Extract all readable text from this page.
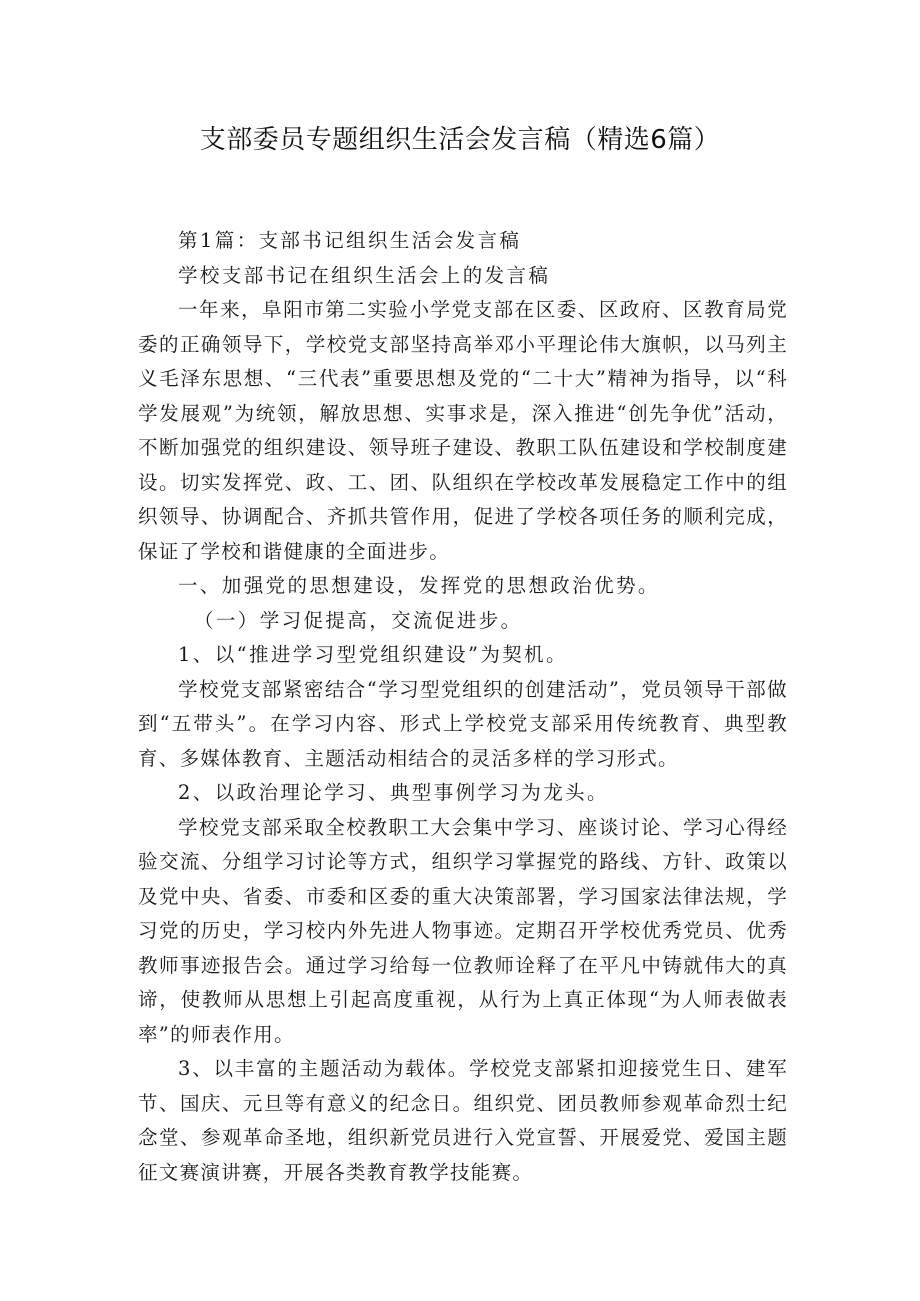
支部委员专题组织生活会发言稿（精选6篇）

第1篇：支部书记组织生活会发言稿

学校支部书记在组织生活会上的发言稿

一年来，阜阳市第二实验小学党支部在区委、区政府、区教育局党委的正确领导下，学校党支部坚持高举邓小平理论伟大旗帜，以马列主义毛泽东思想、“三代表”重要思想及党的“二十大”精神为指导，以“科学发展观”为统领，解放思想、实事求是，深入推进“创先争优”活动，不断加强党的组织建设、领导班子建设、教职工队伍建设和学校制度建设。切实发挥党、政、工、团、队组织在学校改革发展稳定工作中的组织领导、协调配合、齐抓共管作用，促进了学校各项任务的顺利完成，保证了学校和谐健康的全面进步。

一、加强党的思想建设，发挥党的思想政治优势。

（一）学习促提高，交流促进步。

1、以“推进学习型党组织建设”为契机。

学校党支部紧密结合“学习型党组织的创建活动”，党员领导干部做到“五带头”。在学习内容、形式上学校党支部采用传统教育、典型教育、多媒体教育、主题活动相结合的灵活多样的学习形式。

2、以政治理论学习、典型事例学习为龙头。

学校党支部采取全校教职工大会集中学习、座谈讨论、学习心得经验交流、分组学习讨论等方式，组织学习掌握党的路线、方针、政策以及党中央、省委、市委和区委的重大决策部署，学习国家法律法规，学习党的历史，学习校内外先进人物事迹。定期召开学校优秀党员、优秀教师事迹报告会。通过学习给每一位教师诠释了在平凡中铸就伟大的真谛，使教师从思想上引起高度重视，从行为上真正体现“为人师表做表率”的师表作用。

3、以丰富的主题活动为载体。学校党支部紧扣迎接党生日、建军节、国庆、元旦等有意义的纪念日。组织党、团员教师参观革命烈士纪念堂、参观革命圣地，组织新党员进行入党宣誓、开展爱党、爱国主题征文赛演讲赛，开展各类教育教学技能赛。
